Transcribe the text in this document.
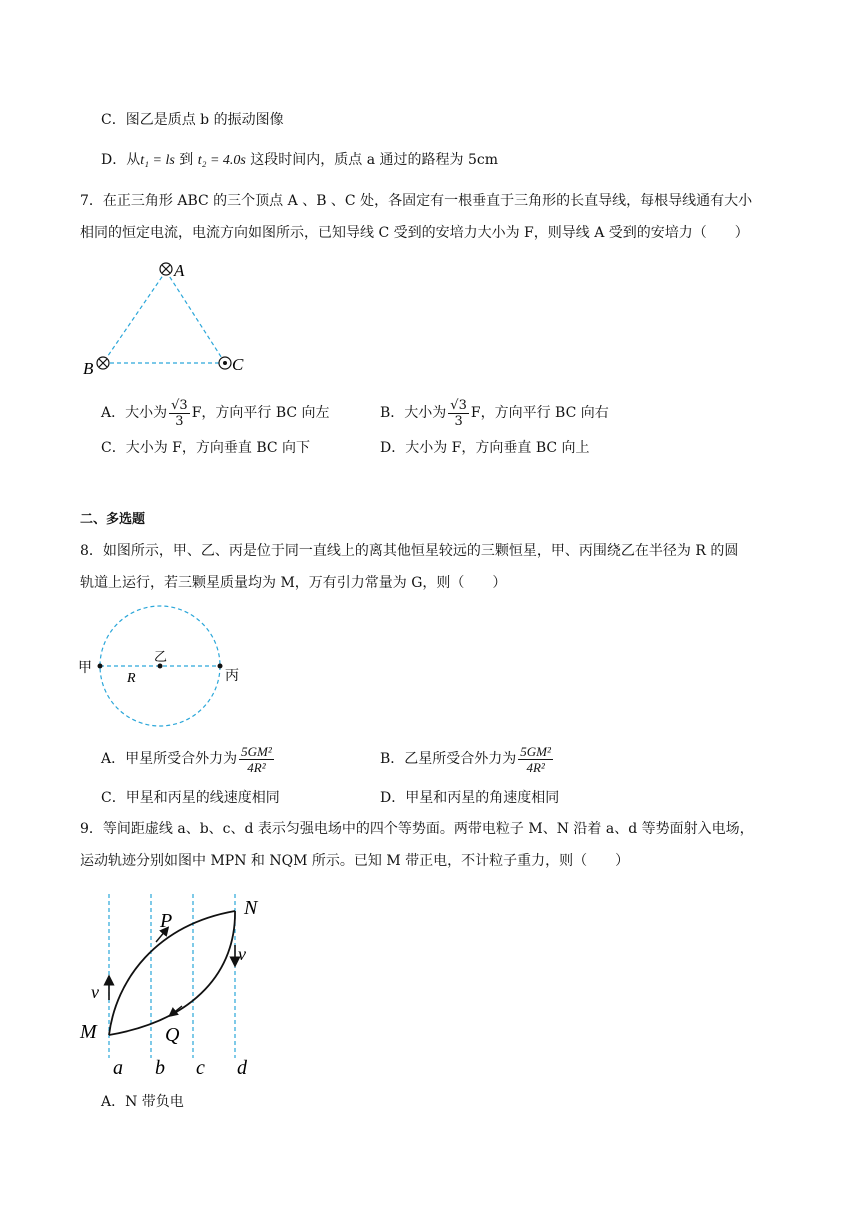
C．图乙是质点 b 的振动图像
D．从t₁ = ls 到 t₂ = 4.0s 这段时间内，质点 a 通过的路程为 5cm
7．在正三角形 ABC 的三个顶点 A 、B 、C 处，各固定有一根垂直于三角形的长直导线，每根导线通有大小
相同的恒定电流，电流方向如图所示，已知导线 C 受到的安培力大小为 F，则导线 A 受到的安培力（　　）
A
B	C
A．大小为 $\frac{√3}{3}$ F，方向平行 BC 向左	B．大小为 $\frac{√3}{3}$ F，方向平行 BC 向右
C．大小为 F，方向垂直 BC 向下	D．大小为 F，方向垂直 BC 向上
二、多选题
8．如图所示，甲、乙、丙是位于同一直线上的离其他恒星较远的三颗恒星，甲、丙围绕乙在半径为 R 的圆
轨道上运行，若三颗星质量均为 M，万有引力常量为 G，则（　　）
甲
乙
丙
R
A．甲星所受合外力为 $\frac{\text{5GM²}}{\text{4R²}}$	B．乙星所受合外力为 $\frac{\text{5GM²}}{\text{4R²}}$
C．甲星和丙星的线速度相同	D．甲星和丙星的角速度相同
9．等间距虚线 a、b、c、d 表示匀强电场中的四个等势面。两带电粒子 M、N 沿着 a、d 等势面射入电场，
运动轨迹分别如图中 MPN 和 NQM 所示。已知 M 带正电，不计粒子重力，则（　　）
P
N
M	Q
v
v
a b c d
A．N 带负电
